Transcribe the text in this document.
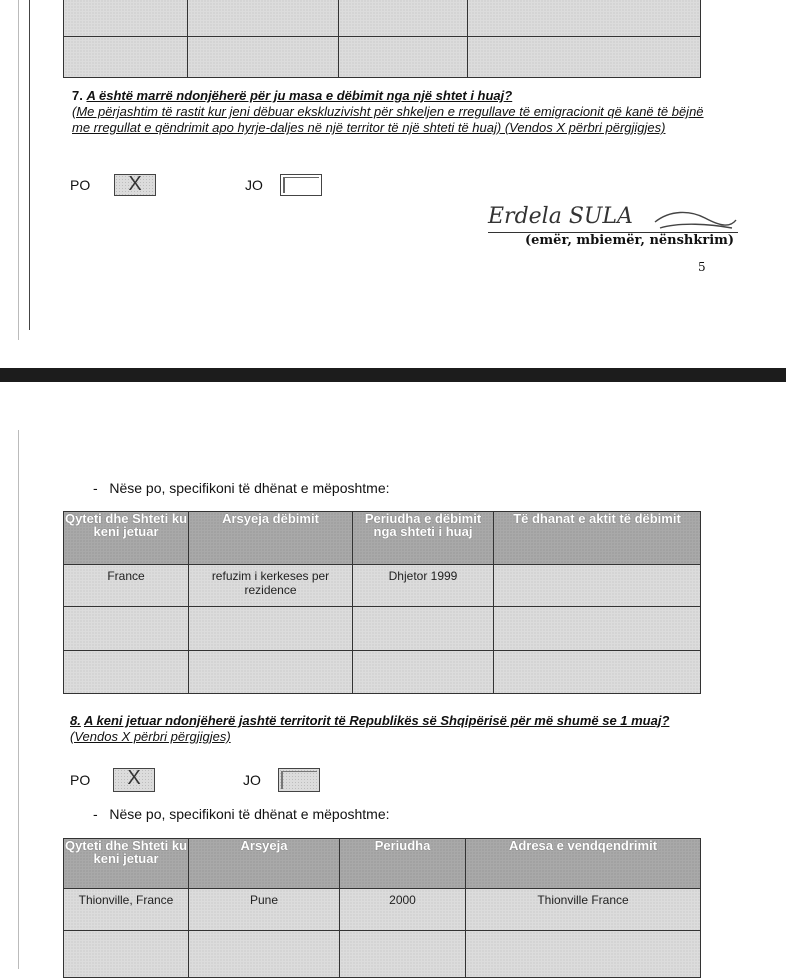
7. A është marrë ndonjëherë për ju masa e dëbimit nga një shtet i huaj?
(Me përjashtim të rastit kur jeni dëbuar ekskluzivisht për shkeljen e rregullave të emigracionit që kanë të bëjnë me rregullat e qëndrimit apo hyrje-daljes në një territor të një shteti të huaj) (Vendos X përbri përgjigjes)
PO	X	JO
Erdela SULA
(emër, mbiemër, nënshkrim)
5
-   Nëse po, specifikoni të dhënat e mëposhtme:
Qyteti dhe Shteti ku keni jetuar	Arsyeja dëbimit	Periudha e dëbimit nga shteti i huaj	Të dhanat e aktit të dëbimit
France	refuzim i kerkeses per rezidence	Dhjetor 1999	

8. A keni jetuar ndonjëherë jashtë territorit të Republikës së Shqipërisë për më shumë se 1 muaj? (Vendos X përbri përgjigjes)
PO	X	JO
-   Nëse po, specifikoni të dhënat e mëposhtme:
Qyteti dhe Shteti ku keni jetuar	Arsyeja	Periudha	Adresa e vendqendrimit
Thionville, France	Pune	2000	Thionville France
